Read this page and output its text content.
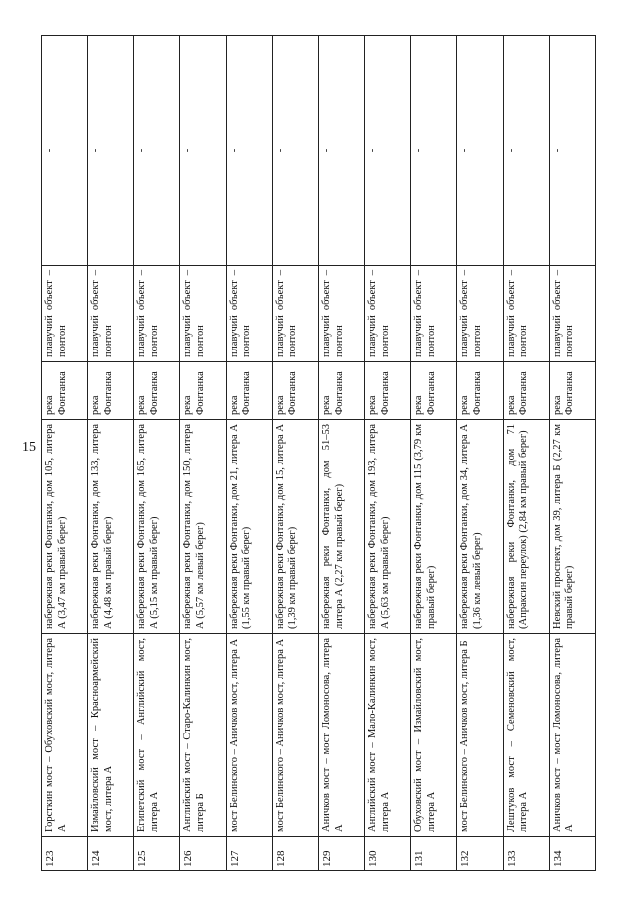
15
123	Горсткин мост – Обуховский мост, литера А	набережная реки Фонтанки, дом 105, литера А (3,47 км правый берег)	река Фонтанка	плавучий объект – понтон	-
124	Измайловский мост – Красноармейский мост, литера А	набережная реки Фонтанки, дом 133, литера А (4,48 км правый берег)	река Фонтанка	плавучий объект – понтон	-
125	Египетский мост – Английский мост, литера А	набережная реки Фонтанки, дом 165, литера А (5,15 км правый берег)	река Фонтанка	плавучий объект – понтон	-
126	Английский мост – Старо-Калинкин мост, литера Б	набережная реки Фонтанки, дом 150, литера А (5,57 км левый берег)	река Фонтанка	плавучий объект – понтон	-
127	мост Белинского – Аничков мост, литера А	набережная реки Фонтанки, дом 21, литера А (1,55 км правый берег)	река Фонтанка	плавучий объект – понтон	-
128	мост Белинского – Аничков мост, литера А	набережная реки Фонтанки, дом 15, литера А (1,39 км правый берег)	река Фонтанка	плавучий объект – понтон	-
129	Аничков мост – мост Ломоносова, литера А	набережная реки Фонтанки, дом 51–53 литера А (2,27 км правый берег)	река Фонтанка	плавучий объект – понтон	-
130	Английский мост – Мало-Калинкин мост, литера А	набережная реки Фонтанки, дом 193, литера А (5,63 км правый берег)	река Фонтанка	плавучий объект – понтон	-
131	Обуховский мост – Измайловский мост, литера А	набережная реки Фонтанки, дом 115 (3,79 км правый берег)	река Фонтанка	плавучий объект – понтон	-
132	мост Белинского – Аничков мост, литера Б	набережная реки Фонтанки, дом 34, литера А (1,36 км левый берег)	река Фонтанка	плавучий объект – понтон	-
133	Лештуков мост – Семеновский мост, литера А	набережная реки Фонтанки, дом 71 (Апраксин переулок) (2,84 км правый берег)	река Фонтанка	плавучий объект – понтон	-
134	Аничков мост – мост Ломоносова, литера А	Невский проспект, дом 39, литера Б (2,27 км правый берег)	река Фонтанка	плавучий объект – понтон	-
